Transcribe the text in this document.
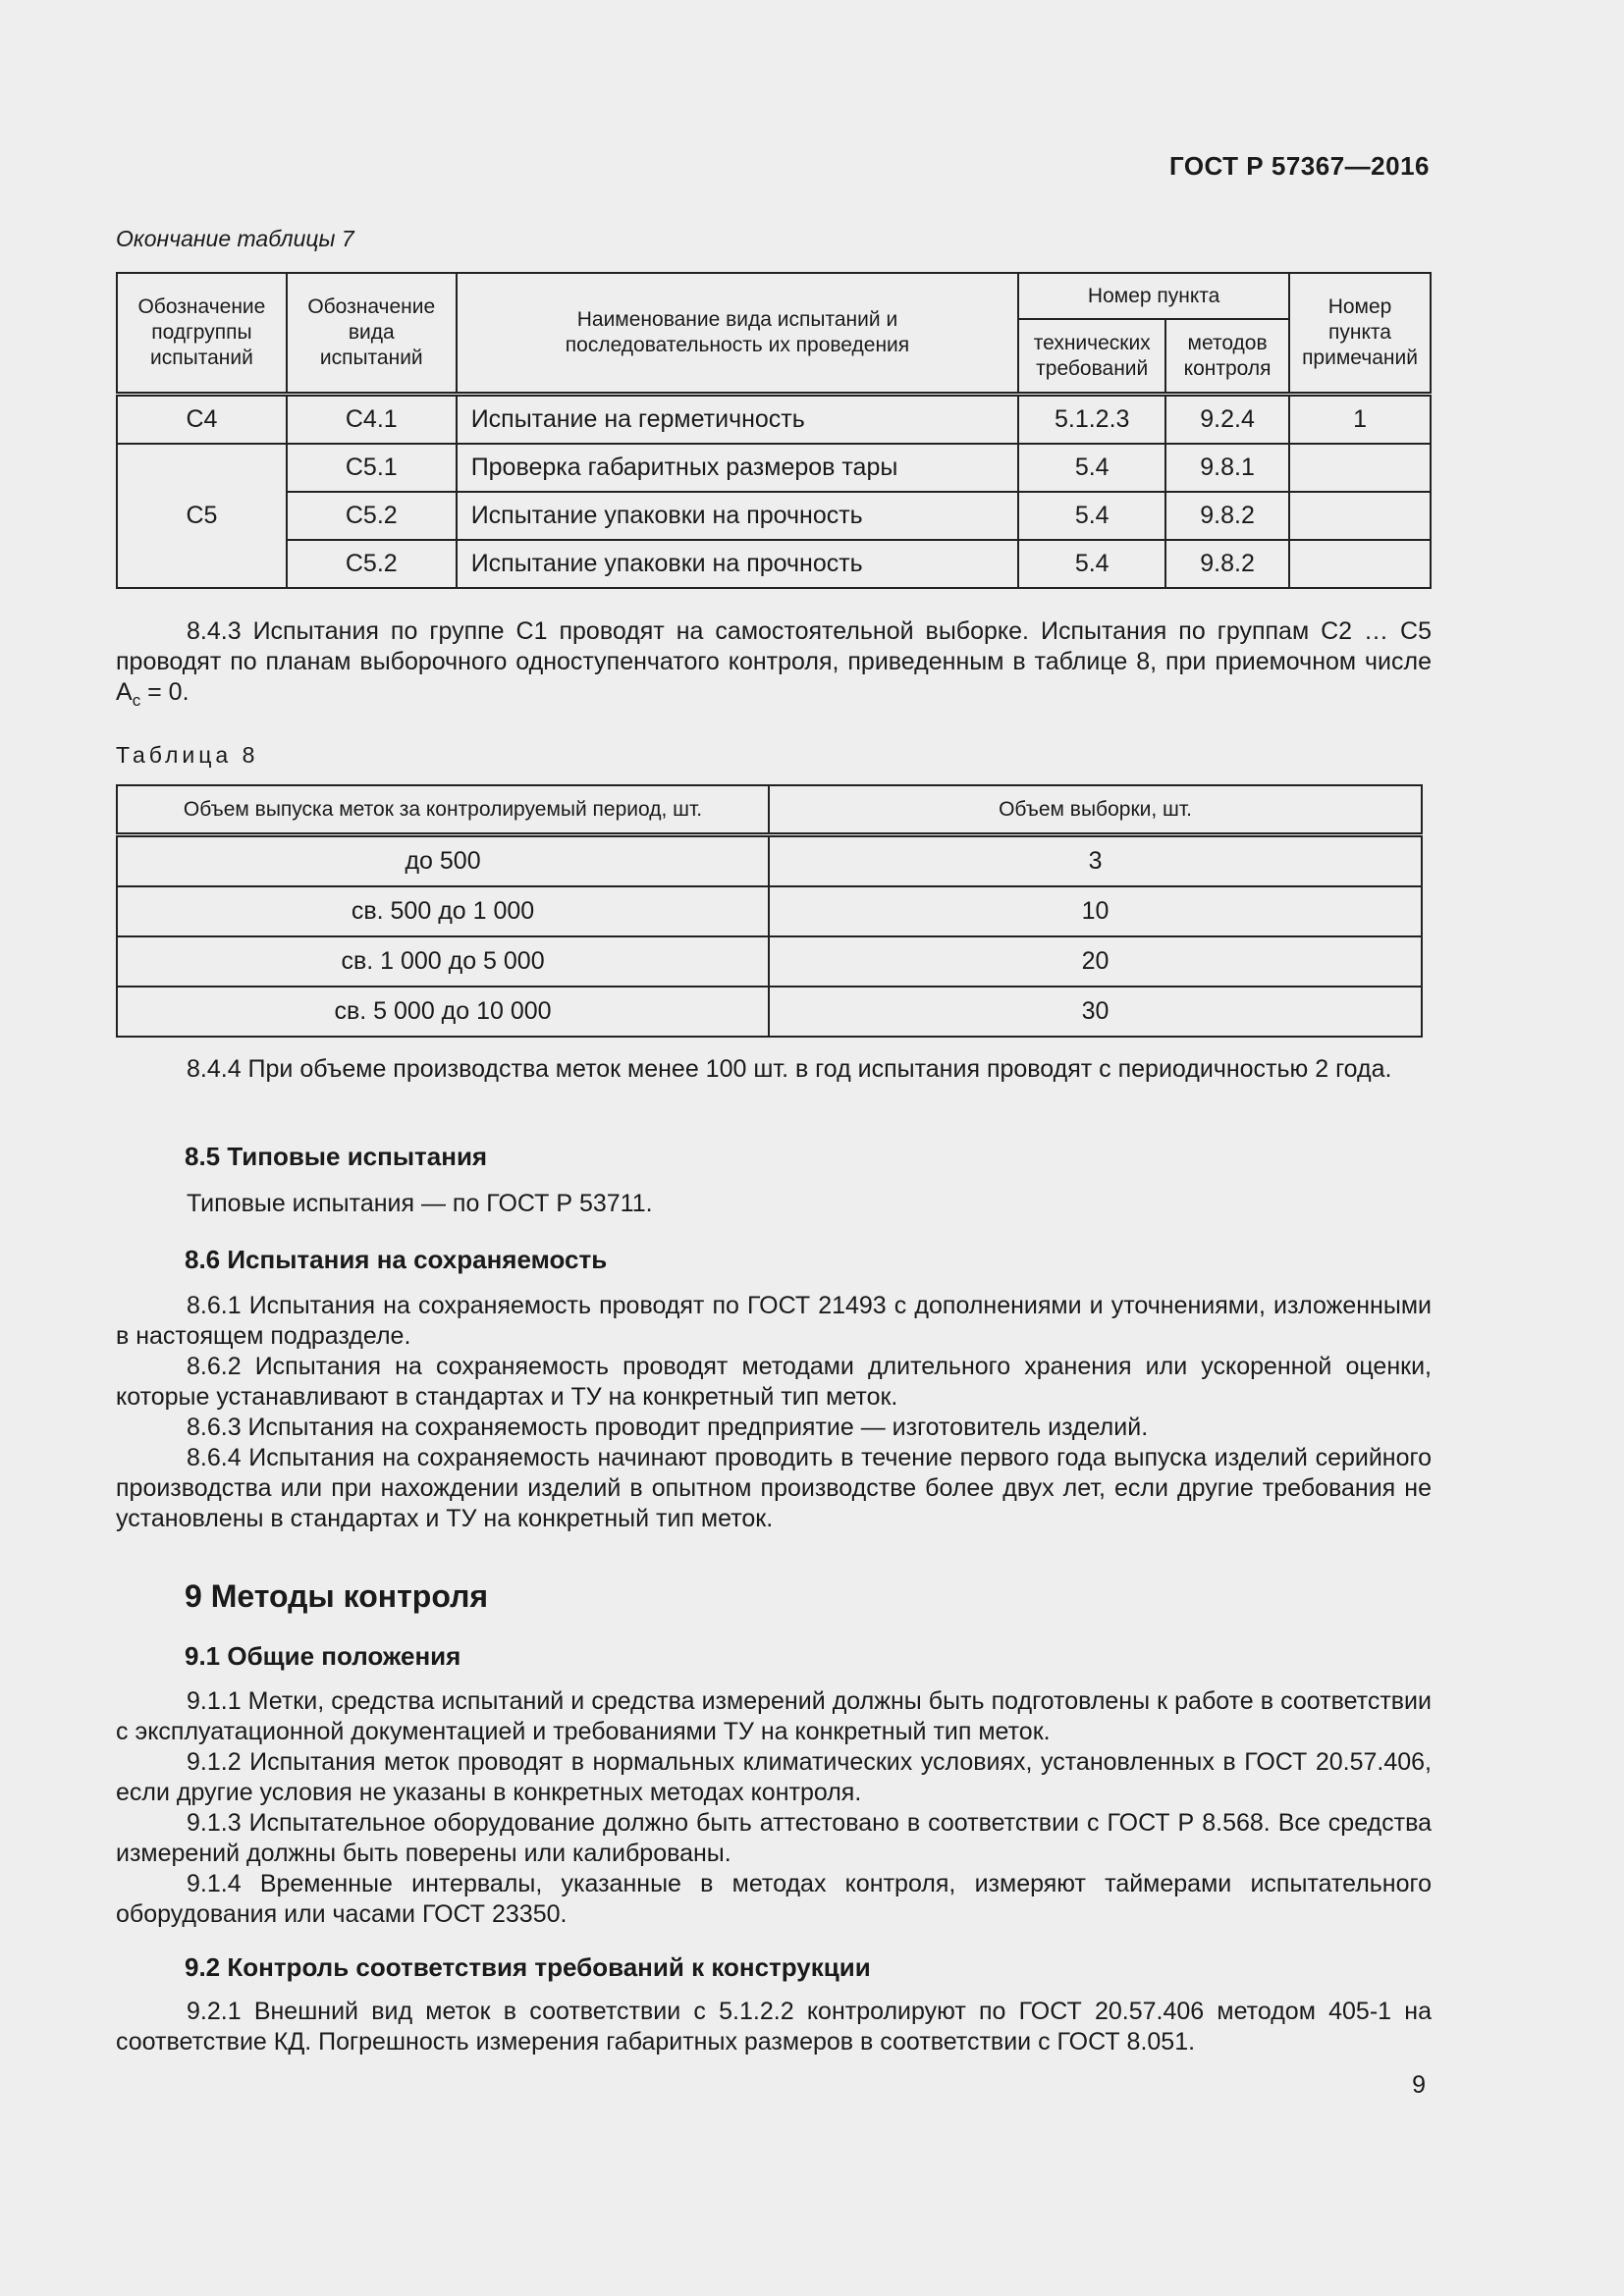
ГОСТ Р 57367—2016
Окончание таблицы 7
Обозначение подгруппы испытаний	Обозначение вида испытаний	Наименование вида испытаний и последовательность их проведения	Номер пункта		Номер пункта примечаний
			технических требований	методов контроля	
С4	С4.1	Испытание на герметичность	5.1.2.3	9.2.4	1
С5	С5.1	Проверка габаритных размеров тары	5.4	9.8.1	
	С5.2	Испытание упаковки на прочность	5.4	9.8.2	
	С5.2	Испытание упаковки на прочность	5.4	9.8.2	
8.4.3 Испытания по группе С1 проводят на самостоятельной выборке. Испытания по группам С2 … С5 проводят по планам выборочного одноступенчатого контроля, приведенным в таблице 8, при приемочном числе $А_с = 0$.
Таблица 8
Объем выпуска меток за контролируемый период, шт.	Объем выборки, шт.
до 500	3
св. 500 до 1 000	10
св. 1 000 до 5 000	20
св. 5 000 до 10 000	30
8.4.4 При объеме производства меток менее 100 шт. в год испытания проводят с периодичностью 2 года.
8.5 Типовые испытания
Типовые испытания — по ГОСТ Р 53711.
8.6 Испытания на сохраняемость
8.6.1 Испытания на сохраняемость проводят по ГОСТ 21493 с дополнениями и уточнениями, изложенными в настоящем подразделе.
8.6.2 Испытания на сохраняемость проводят методами длительного хранения или ускоренной оценки, которые устанавливают в стандартах и ТУ на конкретный тип меток.
8.6.3 Испытания на сохраняемость проводит предприятие — изготовитель изделий.
8.6.4 Испытания на сохраняемость начинают проводить в течение первого года выпуска изделий серийного производства или при нахождении изделий в опытном производстве более двух лет, если другие требования не установлены в стандартах и ТУ на конкретный тип меток.
9 Методы контроля
9.1 Общие положения
9.1.1 Метки, средства испытаний и средства измерений должны быть подготовлены к работе в соответствии с эксплуатационной документацией и требованиями ТУ на конкретный тип меток.
9.1.2 Испытания меток проводят в нормальных климатических условиях, установленных в ГОСТ 20.57.406, если другие условия не указаны в конкретных методах контроля.
9.1.3 Испытательное оборудование должно быть аттестовано в соответствии с ГОСТ Р 8.568. Все средства измерений должны быть поверены или калиброваны.
9.1.4 Временные интервалы, указанные в методах контроля, измеряют таймерами испытательного оборудования или часами ГОСТ 23350.
9.2 Контроль соответствия требований к конструкции
9.2.1 Внешний вид меток в соответствии с 5.1.2.2 контролируют по ГОСТ 20.57.406 методом 405-1 на соответствие КД. Погрешность измерения габаритных размеров в соответствии с ГОСТ 8.051.
9
